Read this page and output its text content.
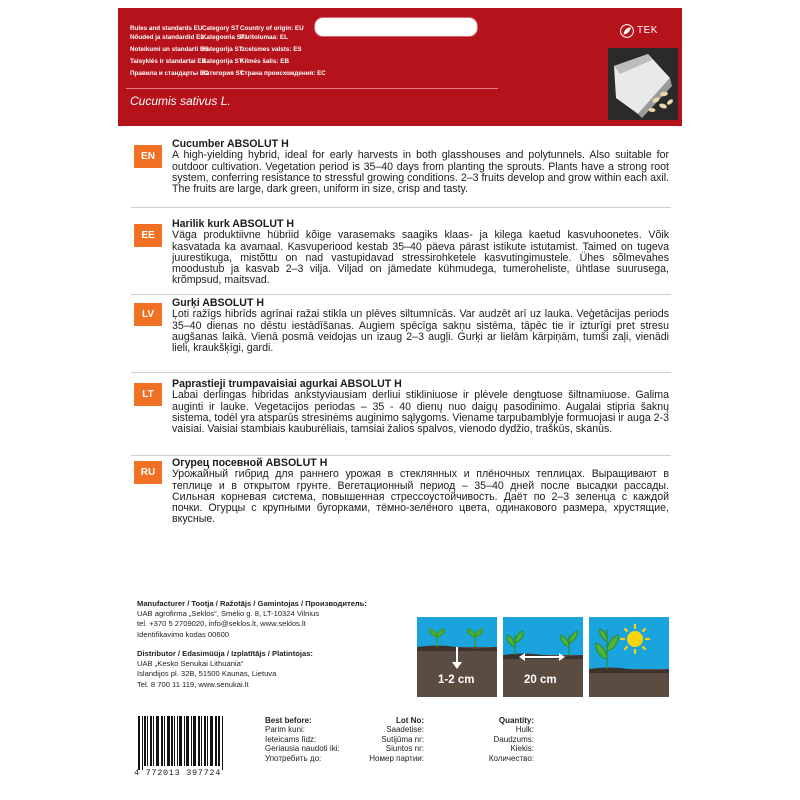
Rules and standards EU Category ST Country of origin: EU
Nõuded ja standardid EL
Kategooria ST
Päritolumaa: EL
Noteikumi un standarti ES
Kategorija ST
Izcelsmes valsts: ES
Taisyklės ir standartai EB
Kategorija ST
Kilmės šalis: EB
Правила и стандарты ЕС
Категория ST
Страна происхождения: ЕС
Cucumis sativus L.
TEK
EN
Cucumber ABSOLUT H
A high-yielding hybrid, ideal for early harvests in both glasshouses and polytunnels. Also suitable for outdoor cultivation. Vegetation period is 35–40 days from planting the sprouts. Plants have a strong root system, conferring resistance to stressful growing conditions. 2–3 fruits develop and grow within each axil. The fruits are large, dark green, uniform in size, crisp and tasty.
EE
Harilik kurk ABSOLUT H
Väga produktiivne hübriid kõige varasemaks saagiks klaas- ja kilega kaetud kasvuhoonetes. Võik kasvatada ka avamaal. Kasvuperiood kestab 35–40 päeva pärast istikute istutamist. Taimed on tugeva juurestikuga, mistõttu on nad vastupidavad stressirohketele kasvutingimustele. Ühes sõlmevahes moodustub ja kasvab 2–3 vilja. Viljad on jämedate kühmudega, tumeroheliste, ühtlase suurusega, krõmpsud, maitsvad.
LV
Gurķi ABSOLUT H
Ļoti ražīgs hibrīds agrīnai ražai stikla un plēves siltumnīcās. Var audzēt arī uz lauka. Veģetācijas periods 35–40 dienas no dēstu iestādīšanas. Augiem spēcīga sakņu sistēma, tāpēc tie ir izturīgi pret stresu augšanas laikā. Vienā posmā veidojas un izaug 2–3 augļi. Gurķi ar lielām kārpiņām, tumši zaļi, vienādi lieli, kraukšķīgi, gardi.
LT
Paprastieji trumpavaisiai agurkai ABSOLUT H
Labai derlingas hibridas ankstyviausiam derliui stikliniuose ir plėvele dengtuose šiltnamiuose. Galima auginti ir lauke. Vegetacijos periodas – 35 - 40 dienų nuo daigų pasodinimo. Augalai stipria šaknų sistema, todėl yra atsparūs stresinėms auginimo sąlygoms. Viename tarpubamblyje formuojasi ir auga 2-3 vaisiai. Vaisiai stambiais kauburėliais, tamsiai žalios spalvos, vienodo dydžio, traškūs, skanūs.
RU
Огурец посевной ABSOLUT H
Урожайный гибрид для раннего урожая в стеклянных и плёночных теплицах. Выращивают в теплице и в открытом грунте. Вегетационный период – 35–40 дней после высадки рассады. Сильная корневая система, повышенная стрессоустойчивость. Даёт по 2–3 зеленца с каждой почки. Огурцы с крупными бугорками, тёмно-зелёного цвета, одинакового размера, хрустящие, вкусные.
Manufacturer / Tootja / Ražotājs / Gamintojas / Производитель:
UAB agrofirma „Seklos“, Smėlio g. 8, LT-10324 Vilnius
tel. +370 5 2709020, info@seklos.lt, www.seklos.lt
Identifikavimo kodas 00600
Distributor / Edasimüüja / Izplatītājs / Platintojas:
UAB „Kesko Senukai Lithuania“
Islandijos pl. 32B, 51500 Kaunas, Lietuva
Tel. 8 700 11 119, www.senukai.lt	1-2 cm	20 cm
4 772013 397724
Best before:
Parim kuni:
Ieteicams līdz:
Geriausia naudoti iki:
Употребить до:
Lot No:
Saadetise:
Sutijūma nr:
Siuntos nr:
Номер партии:
Quantity:
Hulk:
Daudzums:
Kiekis:
Количество:
